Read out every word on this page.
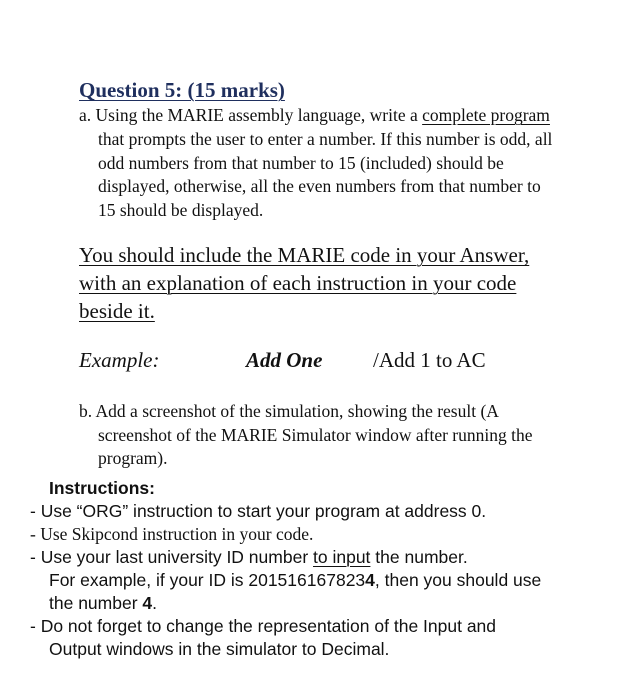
Question 5: (15 marks)
a. Using the MARIE assembly language, write a complete program
that prompts the user to enter a number. If this number is odd, all
odd numbers from that number to 15 (included) should be
displayed, otherwise, all the even numbers from that number to
15 should be displayed.
You should include the MARIE code in your Answer,
with an explanation of each instruction in your code
beside it.
Example:	Add One /Add 1 to AC
b. Add a screenshot of the simulation, showing the result (A
screenshot of the MARIE Simulator window after running the
program).
Instructions:
- Use “ORG” instruction to start your program at address 0.
- Use Skipcond instruction in your code.
- Use your last university ID number to input the number.
For example, if your ID is 2015161678234, then you should use
the number 4.
- Do not forget to change the representation of the Input and
Output windows in the simulator to Decimal.
